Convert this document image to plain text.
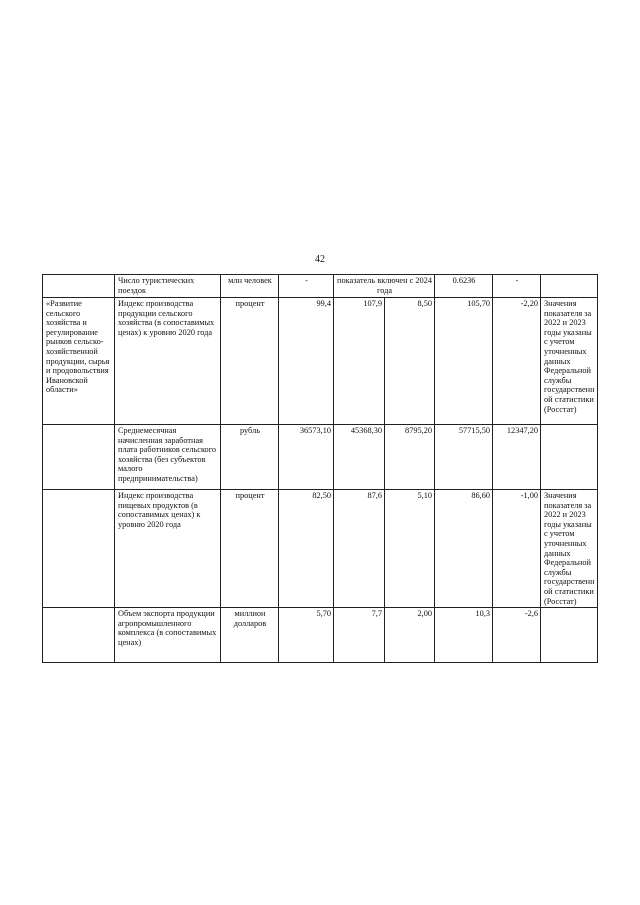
42
	Число туристических поездок	млн человек	-	показатель включен с 2024 года		0.6236	-	
«Развитие сельского хозяйства и регулирование рынков сельско-хозяйственной продукции, сырья и продовольствия Ивановской области»	Индекс производства продукции сельского хозяйства (в сопоставимых ценах) к уровню 2020 года	процент	99,4	107,9	8,50	105,70	-2,20	Значения показателя за 2022 и 2023 годы указаны с учетом уточненных данных Федеральной службы государственной статистики (Росстат)
	Среднемесячная начисленная заработная плата работников сельского хозяйства (без субъектов малого предпринимательства)	рубль	36573,10	45368,30	8795,20	57715,50	12347,20	
	Индекс производства пищевых продуктов (в сопоставимых ценах) к уровню 2020 года	процент	82,50	87,6	5,10	86,60	-1,00	Значения показателя за 2022 и 2023 годы указаны с учетом уточненных данных Федеральной службы государственной статистики (Росстат)
	Объем экспорта продукции агропромышленного комплекса (в сопоставимых ценах)	миллион долларов	5,70	7,7	2,00	10,3	-2,6	
